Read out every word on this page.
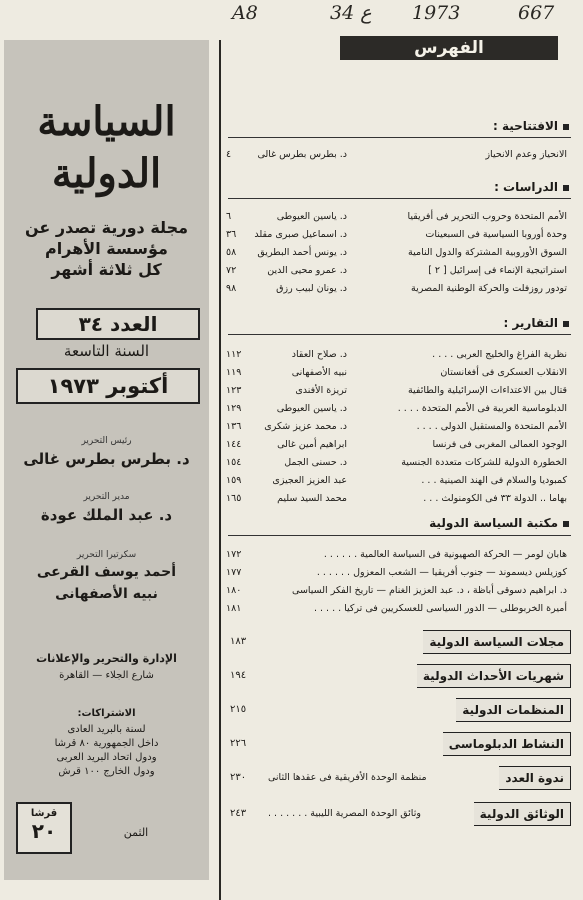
A8	34 ع 1973	667
السياسة
الدولية
مجلة دورية تصدر عن
مؤسسة الأهرام
كل ثلاثة أشهر
العدد ٣٤
السنة التاسعة
أكتوبر ١٩٧٣
رئيس التحرير
د. بطرس بطرس غالى
مدير التحرير
د. عبد الملك عودة
سكرتيرا التحرير
أحمد يوسف القرعى
نبيه الأصفهانى
الإدارة والتحرير والإعلانات
شارع الجلاء — القاهرة
الاشتراكات:
لسنة بالبريد العادى
داخل الجمهورية ٨٠ قرشا
ودول اتحاد البريد العربى
ودول الخارج ١٠٠ قرش
قرشا
٢٠	الثمن
الفهرس
الافتتاحية :
الانحياز وعدم الانحياز
د. بطرس بطرس غالى
٤
الدراسات :
الأمم المتحدة وحروب التحرير فى أفريقيا
د. ياسين العيوطى
٦
وحدة أوروبا السياسية فى السبعينات
د. اسماعيل صبرى مقلد
٣٦
السوق الأوروبية المشتركة والدول النامية
د. يونس أحمد البطريق
٥٨
استراتيجية الإنماء فى إسرائيل [ ٢ ]
د. عمرو محيى الدين
٧٢
تودور روزفلت والحركة الوطنية المصرية
د. يونان لبيب رزق
٩٨
التقارير :
نظرية الفراغ والخليج العربى . . . .
د. صلاح العقاد
١١٢
الانقلاب العسكرى فى أفغانستان
نبيه الأصفهانى
١١٩
قتال بين الاعتداءات الإسرائيلية والطائفية
تريزة الأفندى
١٢٣
الدبلوماسية العربية فى الأمم المتحدة . . . .
د. ياسين العيوطى
١٢٩
الأمم المتحدة والمستقبل الدولى . . . .
د. محمد عزيز شكرى
١٣٦
الوجود العمالى المغربى فى فرنسا
ابراهيم أمين غالى
١٤٤
الخطورة الدولية للشركات متعددة الجنسية
د. حسنى الجمل
١٥٤
كمبوديا والسلام فى الهند الصينية . . .
عبد العزيز العجيزى
١٥٩
بهاما .. الدولة ٣٣ فى الكومنولث . . .
محمد السيد سليم
١٦٥
مكتبة السياسة الدولية
هابان لومر — الحركة الصهيونية فى السياسة العالمية . . . . . .
١٧٢
كوزيلس ديسموند — جنوب أفريقيا — الشعب المعزول . . . . . .
١٧٧
د. ابراهيم دسوقى أباظة ، د. عبد العزيز الغنام — تاريخ الفكر السياسى
١٨٠
أميرة الخربوطلى — الدور السياسى للعسكريين فى تركيا . . . . .
١٨١
مجلات السياسة الدولية
١٨٣
شهريات الأحداث الدولية
١٩٤
المنظمات الدولية
٢١٥
النشاط الدبلوماسى
٢٢٦
ندوة العدد
منظمة الوحدة الأفريقية فى عقدها الثانى
٢٣٠
الوثائق الدولية
وثائق الوحدة المصرية الليبية . . . . . . .
٢٤٣
